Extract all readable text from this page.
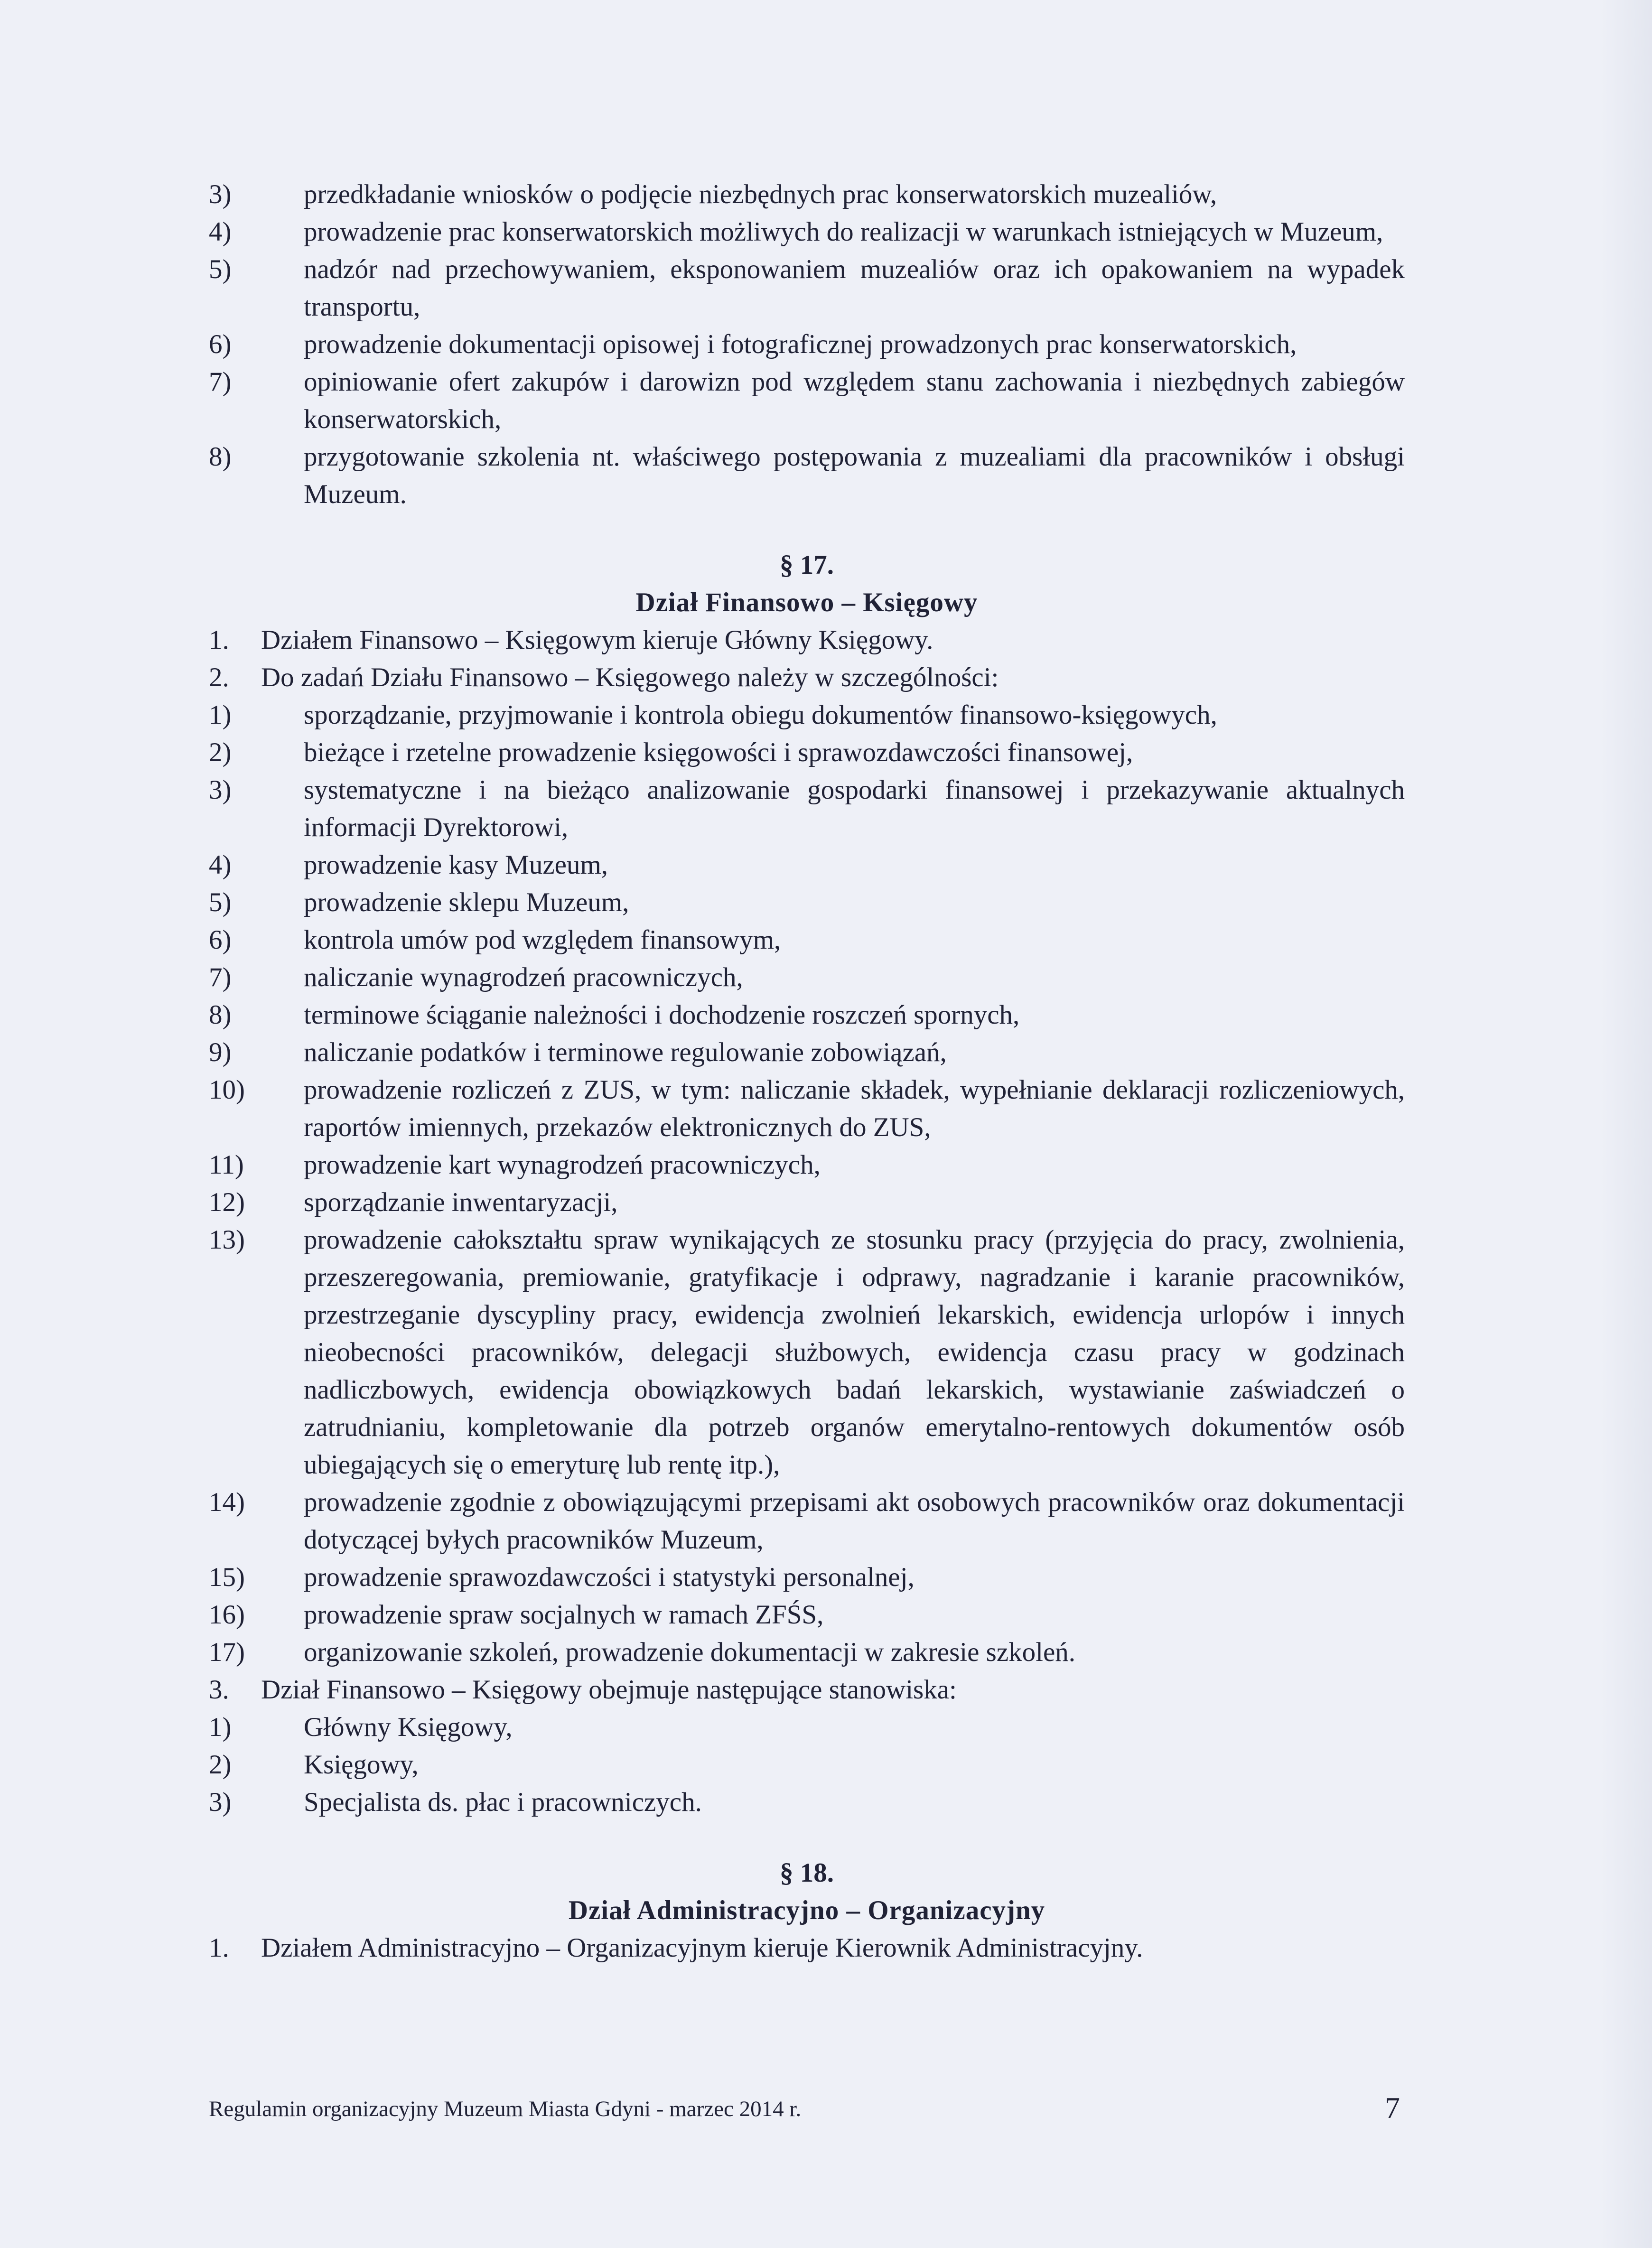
3)	przedkładanie wniosków o podjęcie niezbędnych prac konserwatorskich muzealiów,
4)	prowadzenie prac konserwatorskich możliwych do realizacji w warunkach istniejących w Muzeum,
5)	nadzór nad przechowywaniem, eksponowaniem muzealiów oraz ich opakowaniem na wypadek transportu,
6)	prowadzenie dokumentacji opisowej i fotograficznej prowadzonych prac konserwatorskich,
7)	opiniowanie ofert zakupów i darowizn pod względem stanu zachowania i niezbędnych zabiegów konserwatorskich,
8)	przygotowanie szkolenia nt. właściwego postępowania z muzealiami dla pracowników i obsługi Muzeum.
§ 17.
Dział Finansowo – Księgowy
1.	Działem Finansowo – Księgowym kieruje Główny Księgowy.
2.	Do zadań Działu Finansowo – Księgowego należy w szczególności:
1)	sporządzanie, przyjmowanie i kontrola obiegu dokumentów finansowo-księgowych,
2)	bieżące i rzetelne prowadzenie księgowości i sprawozdawczości finansowej,
3)	systematyczne i na bieżąco analizowanie gospodarki finansowej i przekazywanie aktualnych informacji Dyrektorowi,
4)	prowadzenie kasy Muzeum,
5)	prowadzenie sklepu Muzeum,
6)	kontrola umów pod względem finansowym,
7)	naliczanie wynagrodzeń pracowniczych,
8)	terminowe ściąganie należności i dochodzenie roszczeń spornych,
9)	naliczanie podatków i terminowe regulowanie zobowiązań,
10)	prowadzenie rozliczeń z ZUS, w tym: naliczanie składek, wypełnianie deklaracji rozliczeniowych, raportów imiennych, przekazów elektronicznych do ZUS,
11)	prowadzenie kart wynagrodzeń pracowniczych,
12)	sporządzanie inwentaryzacji,
13)	prowadzenie całokształtu spraw wynikających ze stosunku pracy (przyjęcia do pracy, zwolnienia, przeszeregowania, premiowanie, gratyfikacje i odprawy, nagradzanie i karanie pracowników, przestrzeganie dyscypliny pracy, ewidencja zwolnień lekarskich, ewidencja urlopów i innych nieobecności pracowników, delegacji służbowych, ewidencja czasu pracy w godzinach nadliczbowych, ewidencja obowiązkowych badań lekarskich, wystawianie zaświadczeń o zatrudnianiu, kompletowanie dla potrzeb organów emerytalno-rentowych dokumentów osób ubiegających się o emeryturę lub rentę itp.),
14)	prowadzenie zgodnie z obowiązującymi przepisami akt osobowych pracowników oraz dokumentacji dotyczącej byłych pracowników Muzeum,
15)	prowadzenie sprawozdawczości i statystyki personalnej,
16)	prowadzenie spraw socjalnych w ramach ZFŚS,
17)	organizowanie szkoleń, prowadzenie dokumentacji w zakresie szkoleń.
3.	Dział Finansowo – Księgowy obejmuje następujące stanowiska:
1)	Główny Księgowy,
2)	Księgowy,
3)	Specjalista ds. płac i pracowniczych.
§ 18.
Dział Administracyjno – Organizacyjny
1.	Działem Administracyjno – Organizacyjnym kieruje Kierownik Administracyjny.
Regulamin organizacyjny Muzeum Miasta Gdyni - marzec 2014 r.	7
